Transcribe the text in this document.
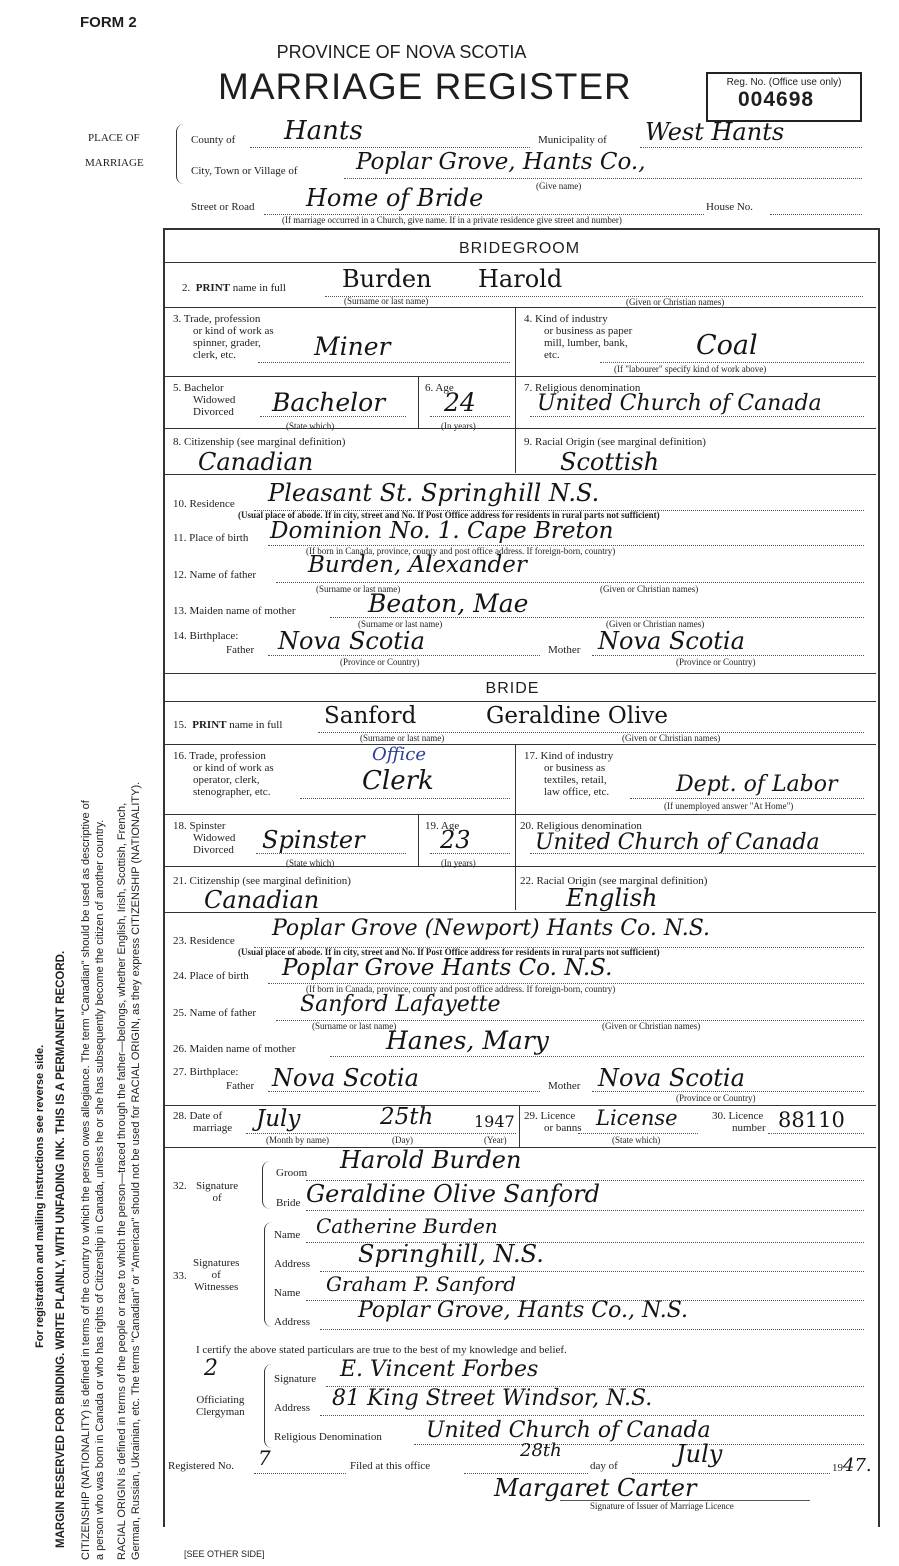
FORM 2
PROVINCE OF NOVA SCOTIA
MARRIAGE REGISTER	Reg. No. (Office use only)
004698
For registration and mailing instructions see reverse side. MARGIN RESERVED FOR BINDING. WRITE PLAINLY, WITH UNFADING INK. THIS IS A PERMANENT RECORD. CITIZENSHIP (NATIONALITY) is defined in terms of the country to which the person owes allegiance. The term "Canadian" should be used as descriptive of a person who was born in Canada or who has rights of Citizenship in Canada, unless he or she has subsequently become the citizen of another country. RACIAL ORIGIN is defined in terms of the people or race to which the person—traced through the father—belongs, whether English, Irish, Scottish, French, German, Russian, Ukrainian, etc. The terms "Canadian" or "American" should not be used for RACIAL ORIGIN, as they express CITIZENSHIP (NATIONALITY).
PLACE OF
MARRIAGE
County of Hants	Municipality of West Hants
City, Town or Village of	Poplar Grove, Hants Co.,
(Give name)
Street or Road Home of Bride	House No.
(If marriage occurred in a Church, give name. If in a private residence give street and number)
BRIDEGROOM
2. PRINT name in full Burden Harold
(Surname or last name)	(Given or Christian names)
3. Trade, profession
or kind of work as
spinner, grader,
clerk, etc.	Miner
4. Kind of industry
or business as paper
mill, lumber, bank,
etc.	Coal
(If "labourer" specify kind of work above)
5. Bachelor
Widowed
Divorced Bachelor
(State which)
6. Age
24
(In years)
7. Religious denomination
United Church of Canada
8. Citizenship (see marginal definition)
Canadian
9. Racial Origin (see marginal definition)
Scottish
10. Residence Pleasant St. Springhill N.S.
(Usual place of abode. If in city, street and No. If Post Office address for residents in rural parts not sufficient)
11. Place of birth Dominion No. 1. Cape Breton
(If born in Canada, province, county and post office address. If foreign-born, country)
12. Name of father Burden, Alexander
(Surname or last name)	(Given or Christian names)
13. Maiden name of mother	Beaton, Mae
(Surname or last name)	(Given or Christian names)
14. Birthplace:
Father Nova Scotia
(Province or Country)
Mother Nova Scotia
(Province or Country)
BRIDE
15. PRINT name in full Sanford	Geraldine Olive
(Surname or last name)	(Given or Christian names)
16. Trade, profession
or kind of work as
operator, clerk,
stenographer, etc.
Office
Clerk
17. Kind of industry
or business as
textiles, retail,
law office, etc.	Dept. of Labor
(If unemployed answer "At Home")
18. Spinster
Widowed
Divorced Spinster
(State which)
19. Age
23
(In years)
20. Religious denomination
United Church of Canada
21. Citizenship (see marginal definition)
Canadian
22. Racial Origin (see marginal definition)
English
23. Residence Poplar Grove (Newport) Hants Co. N.S.
(Usual place of abode. If in city, street and No. If Post Office address for residents in rural parts not sufficient)
24. Place of birth Poplar Grove Hants Co. N.S.
(If born in Canada, province, county and post office address. If foreign-born, country)
25. Name of father Sanford Lafayette
(Surname or last name)	(Given or Christian names)
26. Maiden name of mother	Hanes, Mary
27. Birthplace:
Father Nova Scotia	Mother Nova Scotia
(Province or Country)
28. Date of
marriage July	25th	1947
(Month by name)	(Day)	(Year)
29. Licence
or banns License
(State which)
30. Licence
number 88110
32. Signature
of
Groom Harold Burden
Bride Geraldine Olive Sanford
33.
Signatures
of
Witnesses
Name Catherine Burden
Address Springhill, N.S.
Name Graham P. Sanford
Address Poplar Grove, Hants Co., N.S.
I certify the above stated particulars are true to the best of my knowledge and belief.
2
Officiating
Clergyman
Signature E. Vincent Forbes
Address 81 King Street Windsor, N.S.
Religious Denomination United Church of Canada
Registered No. 7	Filed at this office
28th
day of July	1947.
Margaret Carter
Signature of Issuer of Marriage Licence
[SEE OTHER SIDE]
